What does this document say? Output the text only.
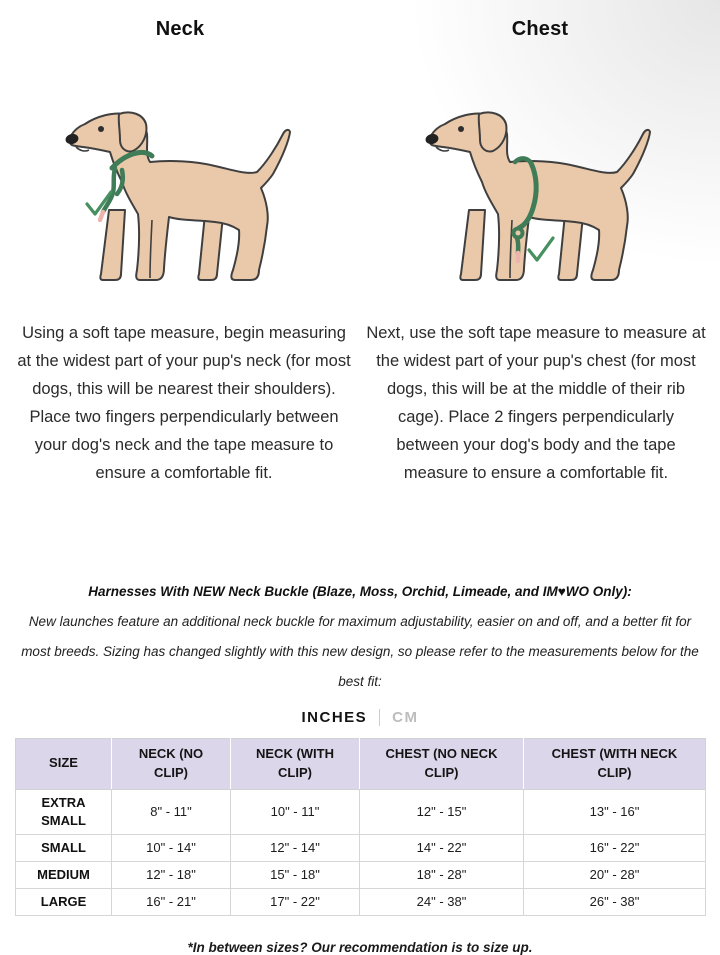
Neck

Using a soft tape measure, begin measuring at the widest part of your pup's neck (for most dogs, this will be nearest their shoulders). Place two fingers perpendicularly between your dog's neck and the tape measure to ensure a comfortable fit.

Chest

Next, use the soft tape measure to measure at the widest part of your pup's chest (for most dogs, this will be at the middle of their rib cage). Place 2 fingers perpendicularly between your dog's body and the tape measure to ensure a comfortable fit.

Harnesses With NEW Neck Buckle (Blaze, Moss, Orchid, Limeade, and IM♥WO Only):

New launches feature an additional neck buckle for maximum adjustability, easier on and off, and a better fit for most breeds. Sizing has changed slightly with this new design, so please refer to the measurements below for the best fit:

INCHES CM
SIZE	NECK (NO CLIP)	NECK (WITH CLIP)	CHEST (NO NECK CLIP)	CHEST (WITH NECK CLIP)
EXTRA SMALL	8" - 11"	10" - 11"	12" - 15"	13" - 16"
SMALL	10" - 14"	12" - 14"	14" - 22"	16" - 22"
MEDIUM	12" - 18"	15" - 18"	18" - 28"	20" - 28"
LARGE	16" - 21"	17" - 22"	24" - 38"	26" - 38"

*In between sizes? Our recommendation is to size up.
